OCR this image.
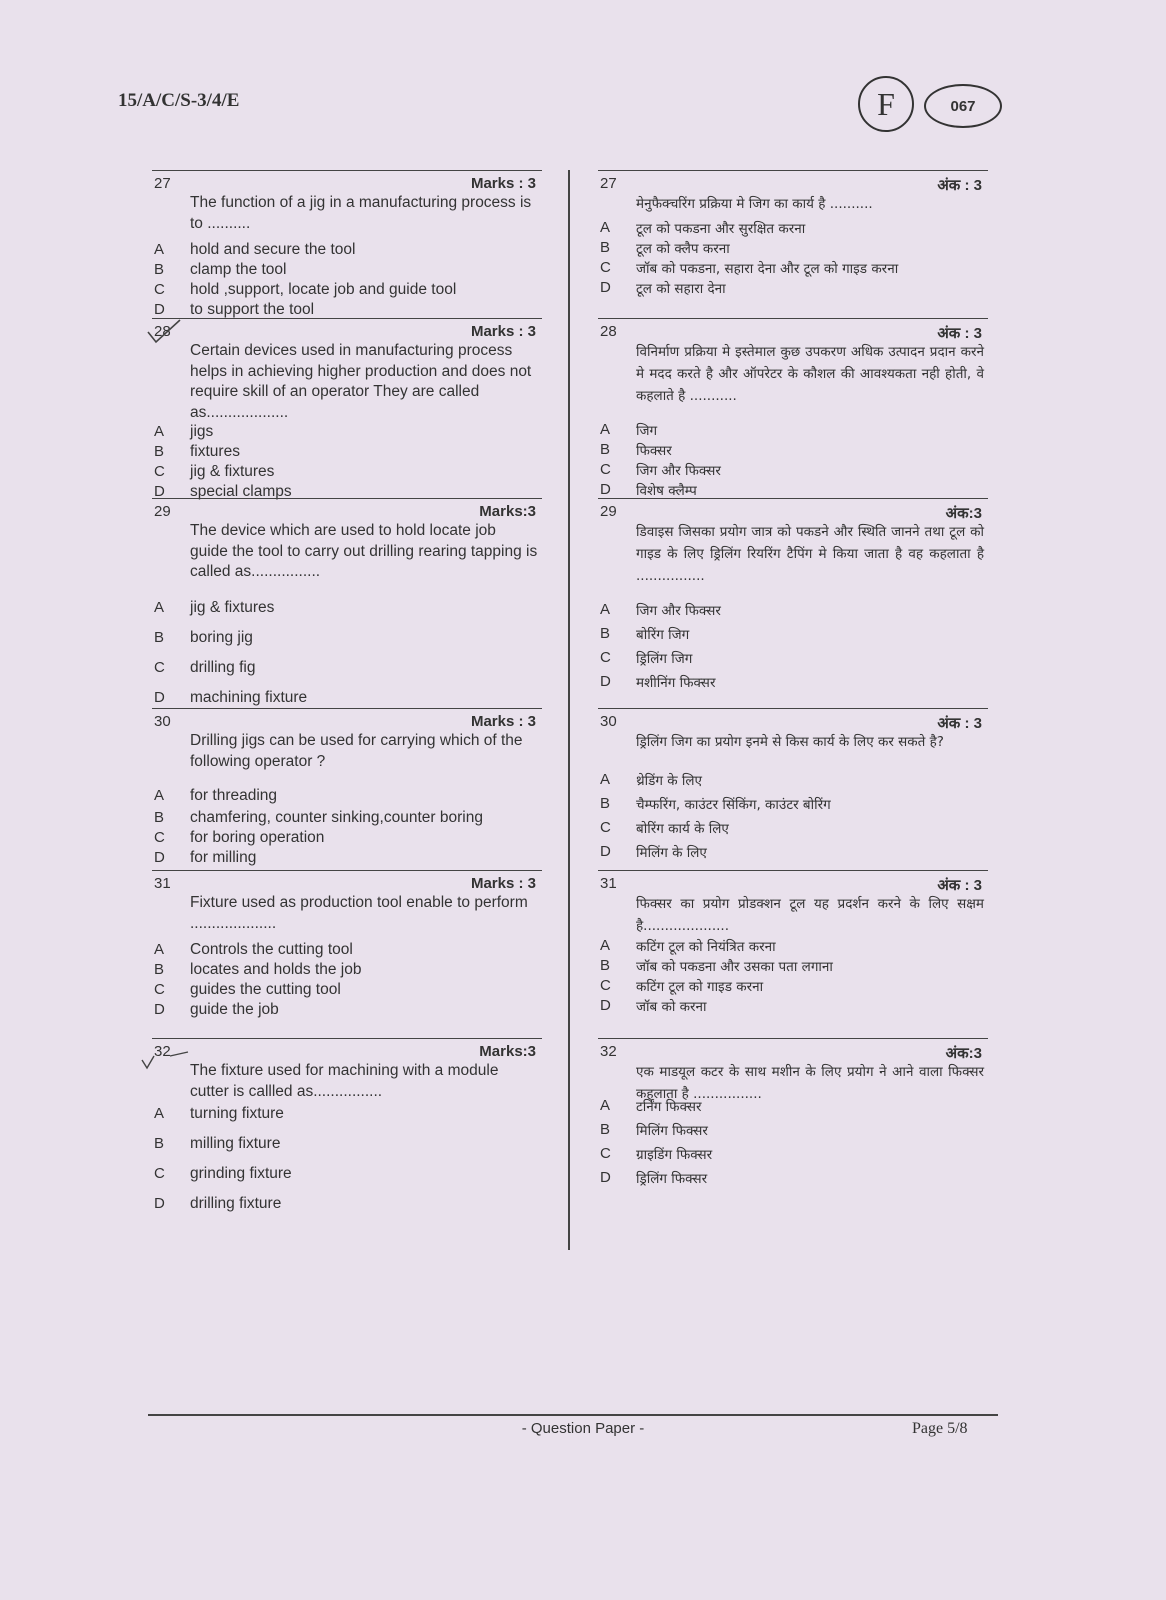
15/A/C/S-3/4/E	F	067
27	Marks : 3
The function of a jig in a manufacturing process is to ..........
A hold and secure the tool
B clamp the tool
C hold ,support, locate job and guide tool
D to support the tool
28	Marks : 3
Certain devices used in manufacturing process helps in achieving higher production and does not require skill of an operator They are called as...................
A jigs
B fixtures
C jig & fixtures
D special clamps
29	Marks:3
The device which are used to hold locate job guide the tool to carry out drilling rearing tapping is called as................
A jig & fixtures
B boring jig
C drilling fig
D machining fixture
30	Marks : 3
Drilling jigs can be used for carrying which of the following operator ?
A for threading
B chamfering, counter sinking,counter boring
C for boring operation
D for milling
31	Marks : 3
Fixture used as production tool enable to perform ....................
A Controls the cutting tool
B locates and holds the job
C guides the cutting tool
D guide the job
32	Marks:3
The fixture used for machining with a module cutter is callled as................
A turning fixture
B milling fixture
C grinding fixture
D drilling fixture
27	अंक : 3
मेनुफैक्चरिंग प्रक्रिया मे जिग का कार्य है ..........
A टूल को पकडना और सुरक्षित करना
B टूल को क्लैप करना
C जॉब को पकडना, सहारा देना और टूल को गाइड करना
D टूल को सहारा देना
28	अंक : 3
विनिर्माण प्रक्रिया मे इस्तेमाल कुछ उपकरण अधिक उत्पादन प्रदान करने मे मदद करते है और ऑपरेटर के कौशल की आवश्यकता नही होती, वे कहलाते है ...........
A जिग
B फिक्सर
C जिग और फिक्सर
D विशेष क्लैम्प
29	अंक:3
डिवाइस जिसका प्रयोग जात्र को पकडने और स्थिति जानने तथा टूल को गाइड के लिए ड्रिलिंग रियरिंग टैपिंग मे किया जाता है वह कहलाता है ................
A जिग और फिक्सर
B बोरिंग जिग
C ड्रिलिंग जिग
D मशीनिंग फिक्सर
30	अंक : 3
ड्रिलिंग जिग का प्रयोग इनमे से किस कार्य के लिए कर सकते है?
A थ्रेडिंग के लिए
B चैम्फरिंग, काउंटर सिंकिंग, काउंटर बोरिंग
C बोरिंग कार्य के लिए
D मिलिंग के लिए
31	अंक : 3
फिक्सर का प्रयोग प्रोडक्शन टूल यह प्रदर्शन करने के लिए सक्षम है....................
A कटिंग टूल को नियंत्रित करना
B जॉब को पकडना और उसका पता लगाना
C कटिंग टूल को गाइड करना
D जॉब को करना
32	अंक:3
एक माडयूल कटर के साथ मशीन के लिए प्रयोग ने आने वाला फिक्सर कहलाता है ................
A टर्निंग फिक्सर
B मिलिंग फिक्सर
C ग्राइडिंग फिक्सर
D ड्रिलिंग फिक्सर
- Question Paper -	Page 5/8
